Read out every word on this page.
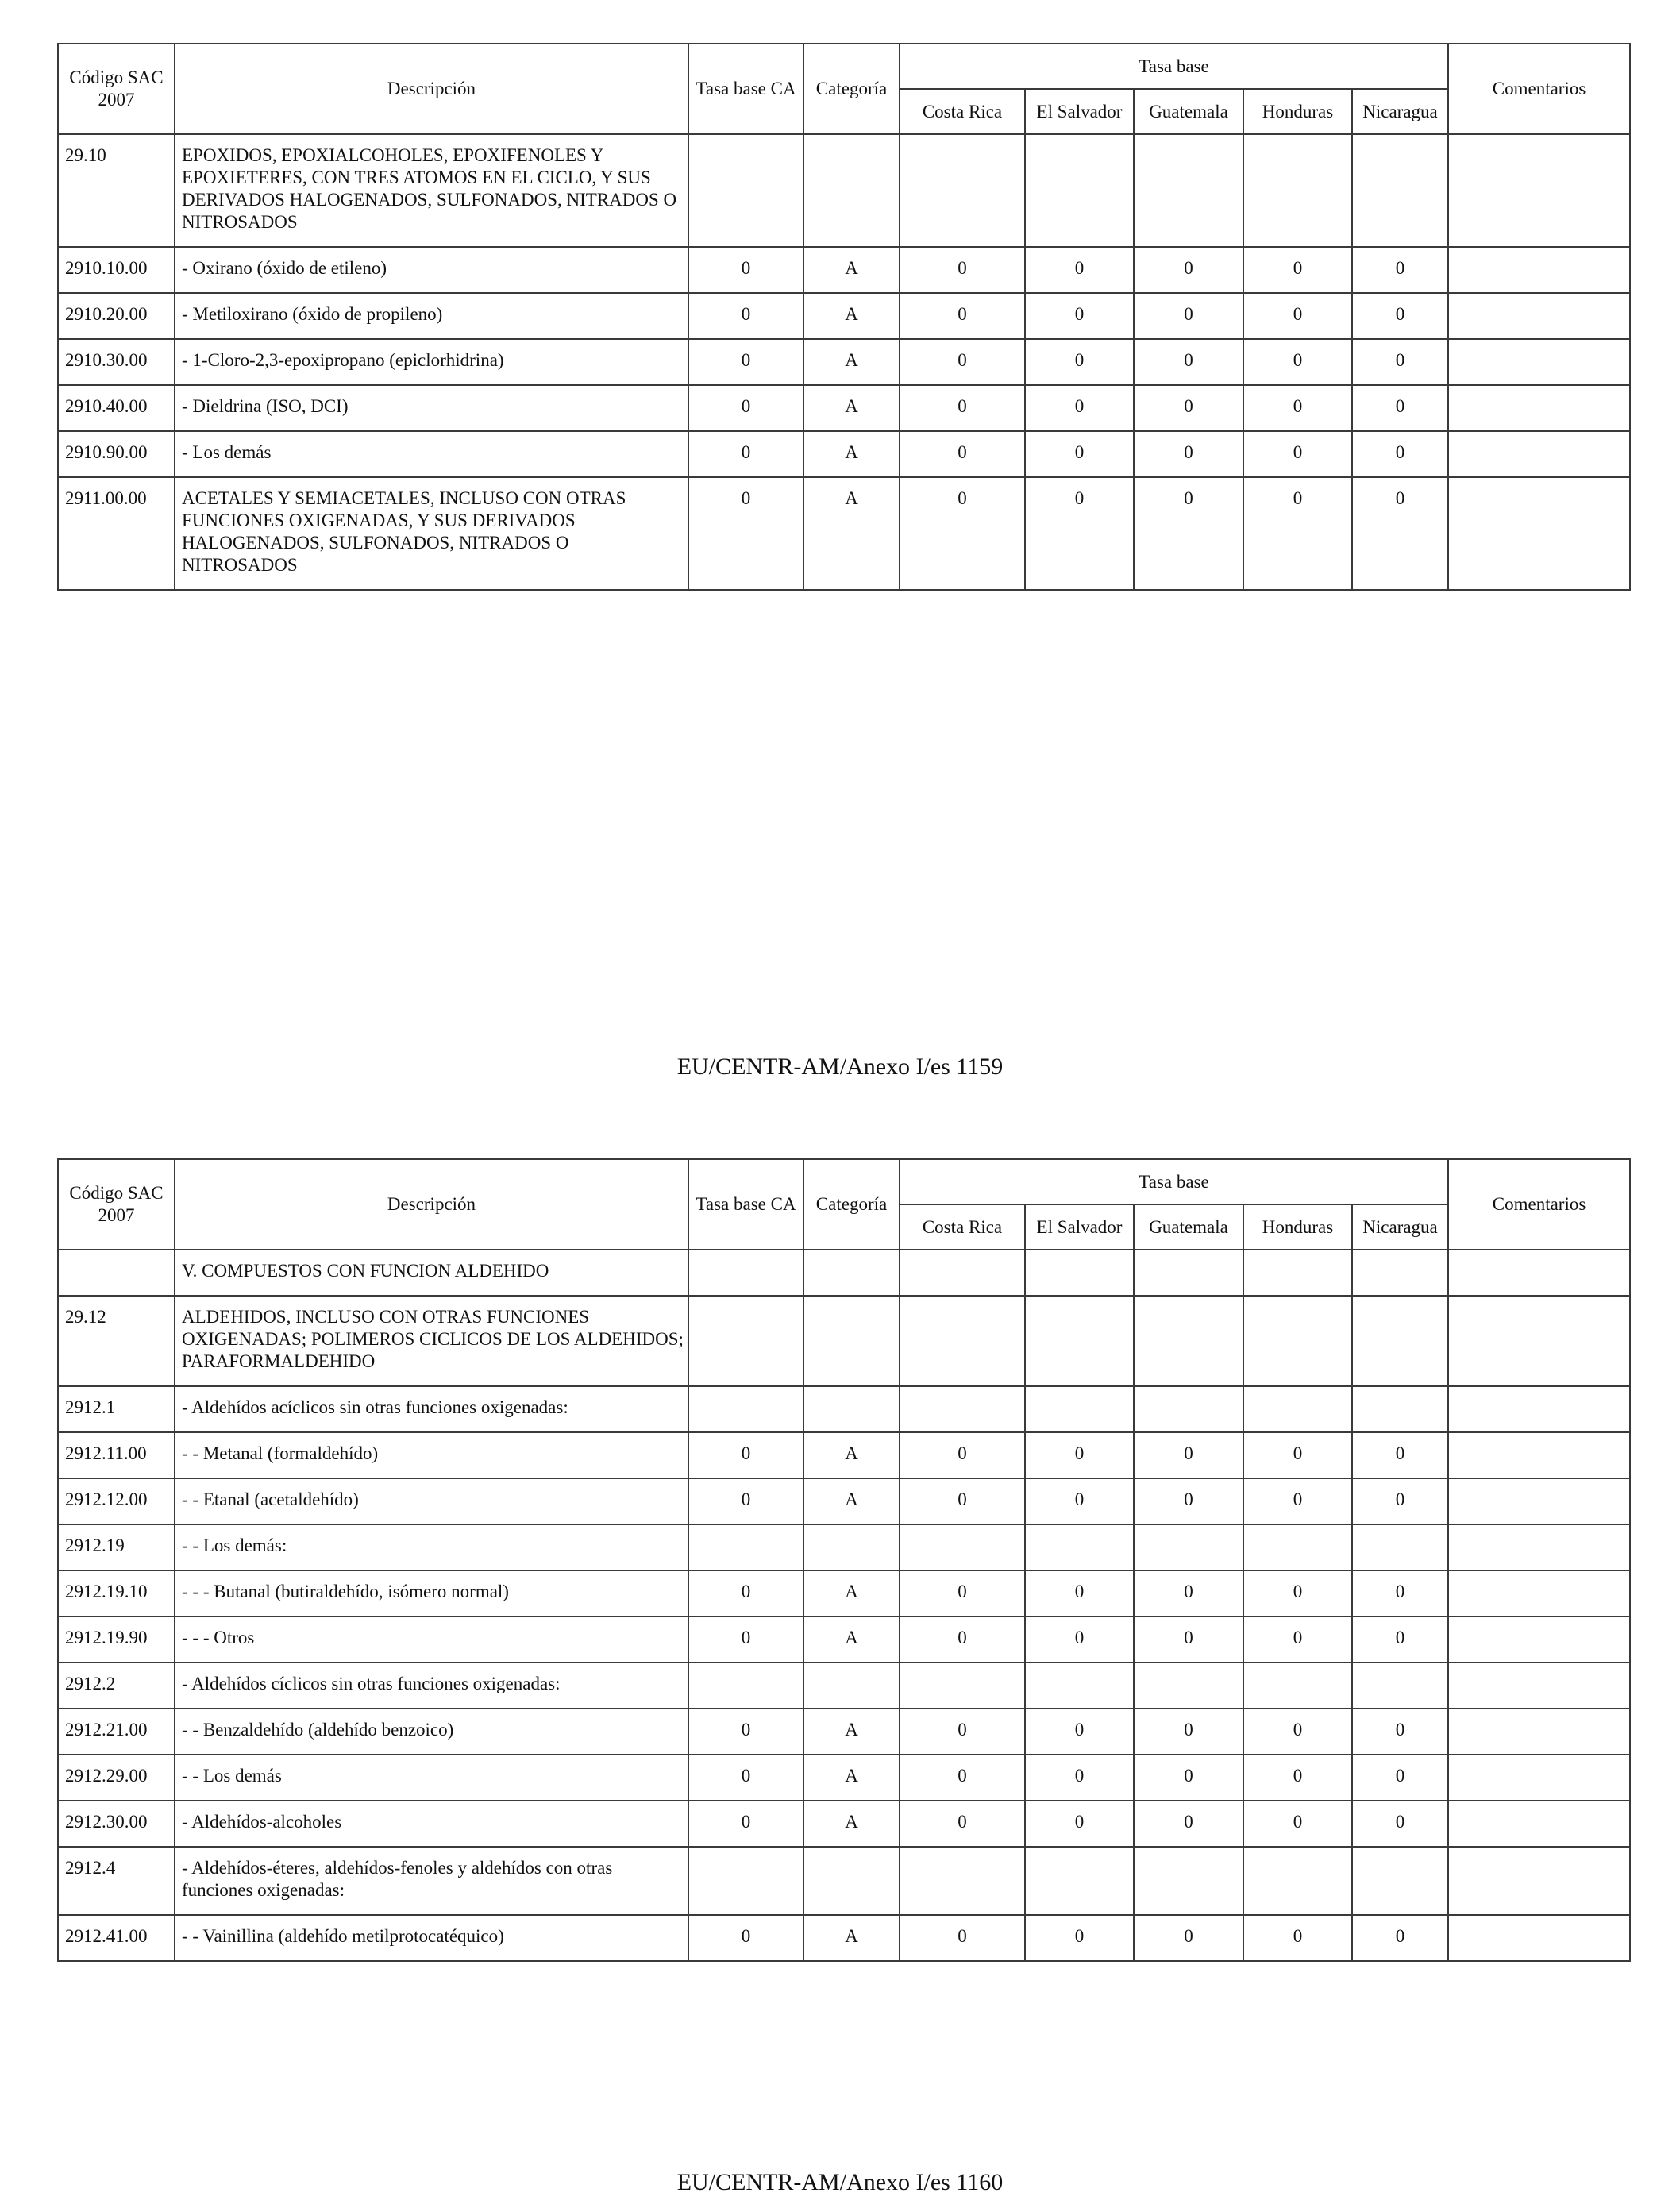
Código SAC 2007	Descripción	Tasa base CA	Categoría	Tasa base					Comentarios
				Costa Rica	El Salvador	Guatemala	Honduras	Nicaragua	
29.10	EPOXIDOS, EPOXIALCOHOLES, EPOXIFENOLES Y EPOXIETERES, CON TRES ATOMOS EN EL CICLO, Y SUS DERIVADOS HALOGENADOS, SULFONADOS, NITRADOS O NITROSADOS								
2910.10.00	- Oxirano (óxido de etileno)	0	A	0	0	0	0	0	
2910.20.00	- Metiloxirano (óxido de propileno)	0	A	0	0	0	0	0	
2910.30.00	- 1-Cloro-2,3-epoxipropano (epiclorhidrina)	0	A	0	0	0	0	0	
2910.40.00	- Dieldrina (ISO, DCI)	0	A	0	0	0	0	0	
2910.90.00	- Los demás	0	A	0	0	0	0	0	
2911.00.00	ACETALES Y SEMIACETALES, INCLUSO CON OTRAS FUNCIONES OXIGENADAS, Y SUS DERIVADOS HALOGENADOS, SULFONADOS, NITRADOS O NITROSADOS	0	A	0	0	0	0	0	
EU/CENTR-AM/Anexo I/es 1159
Código SAC 2007	Descripción	Tasa base CA	Categoría	Tasa base					Comentarios
				Costa Rica	El Salvador	Guatemala	Honduras	Nicaragua	
	V. COMPUESTOS CON FUNCION ALDEHIDO								
29.12	ALDEHIDOS, INCLUSO CON OTRAS FUNCIONES OXIGENADAS; POLIMEROS CICLICOS DE LOS ALDEHIDOS; PARAFORMALDEHIDO								
2912.1	- Aldehídos acíclicos sin otras funciones oxigenadas:								
2912.11.00	- - Metanal (formaldehído)	0	A	0	0	0	0	0	
2912.12.00	- - Etanal (acetaldehído)	0	A	0	0	0	0	0	
2912.19	- - Los demás:								
2912.19.10	- - - Butanal (butiraldehído, isómero normal)	0	A	0	0	0	0	0	
2912.19.90	- - - Otros	0	A	0	0	0	0	0	
2912.2	- Aldehídos cíclicos sin otras funciones oxigenadas:								
2912.21.00	- - Benzaldehído (aldehído benzoico)	0	A	0	0	0	0	0	
2912.29.00	- - Los demás	0	A	0	0	0	0	0	
2912.30.00	- Aldehídos-alcoholes	0	A	0	0	0	0	0	
2912.4	- Aldehídos-éteres, aldehídos-fenoles y aldehídos con otras funciones oxigenadas:								
2912.41.00	- - Vainillina (aldehído metilprotocatéquico)	0	A	0	0	0	0	0	
EU/CENTR-AM/Anexo I/es 1160
